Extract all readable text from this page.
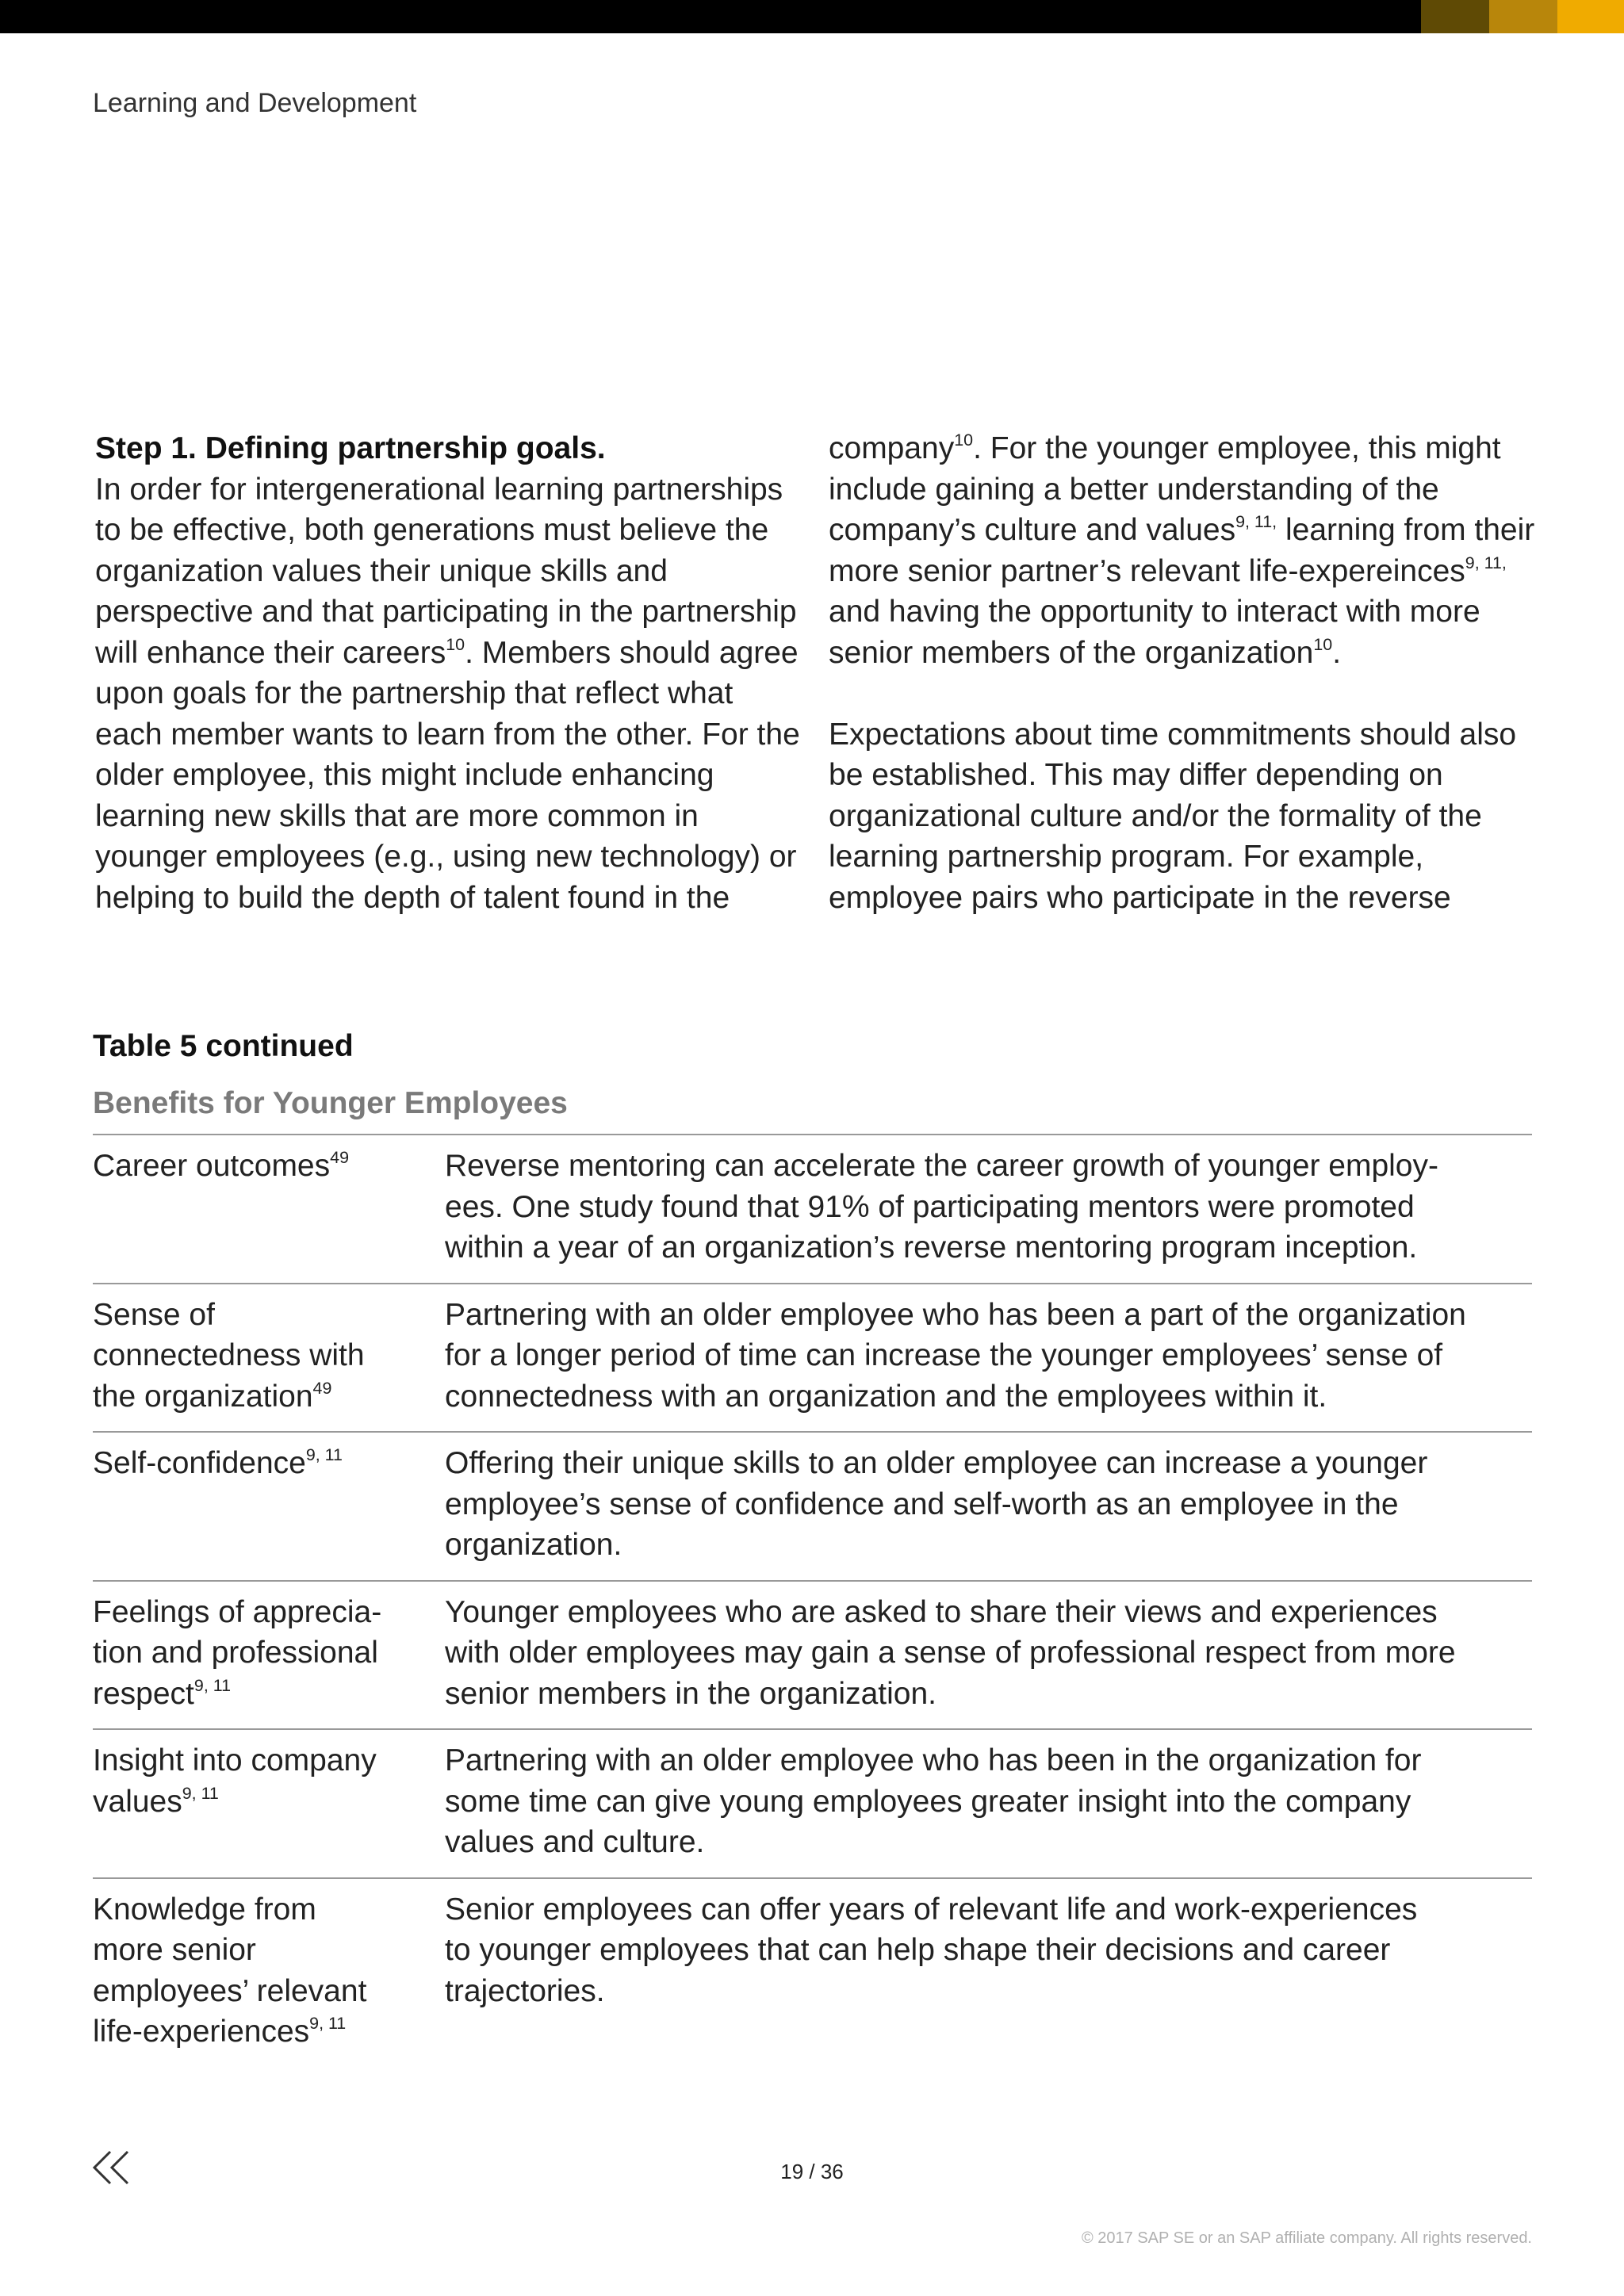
Learning and Development

Step 1. Defining partnership goals.
In order for intergenerational learning partnerships to be effective, both generations must believe the organization values their unique skills and perspective and that participating in the partnership will enhance their careers$^{10}$. Members should agree upon goals for the partnership that reflect what each member wants to learn from the other. For the older employee, this might include enhancing learning new skills that are more common in younger employees (e.g., using new technology) or helping to build the depth of talent found in the

company$^{10}$. For the younger employee, this might include gaining a better understanding of the company’s culture and values$^{9, 11,}$ learning from their more senior partner’s relevant life-expereinces$^{9, 11,}$ and having the opportunity to interact with more senior members of the organization$^{10}$.

Expectations about time commitments should also be established. This may differ depending on organizational culture and/or the formality of the learning partnership program. For example, employee pairs who participate in the reverse

Table 5 continued
Benefits for Younger Employees
Career outcomes$^{49}$	Reverse mentoring can accelerate the career growth of younger employ-
ees. One study found that 91% of participating mentors were promoted
within a year of an organization’s reverse mentoring program inception.
Sense of
connectedness with
the organization$^{49}$
Partnering with an older employee who has been a part of the organization
for a longer period of time can increase the younger employees’ sense of
connectedness with an organization and the employees within it.
Self-confidence$^{9, 11}$	Offering their unique skills to an older employee can increase a younger
employee’s sense of confidence and self-worth as an employee in the
organization.
Feelings of apprecia-
tion and professional
respect$^{9, 11}$
Younger employees who are asked to share their views and experiences
with older employees may gain a sense of professional respect from more
senior members in the organization.
Insight into company
values$^{9, 11}$
Partnering with an older employee who has been in the organization for
some time can give young employees greater insight into the company
values and culture.
Knowledge from
more senior
employees’ relevant
life-experiences$^{9, 11}$
Senior employees can offer years of relevant life and work-experiences
to younger employees that can help shape their decisions and career
trajectories.
19 / 36
© 2017 SAP SE or an SAP affiliate company. All rights reserved.
